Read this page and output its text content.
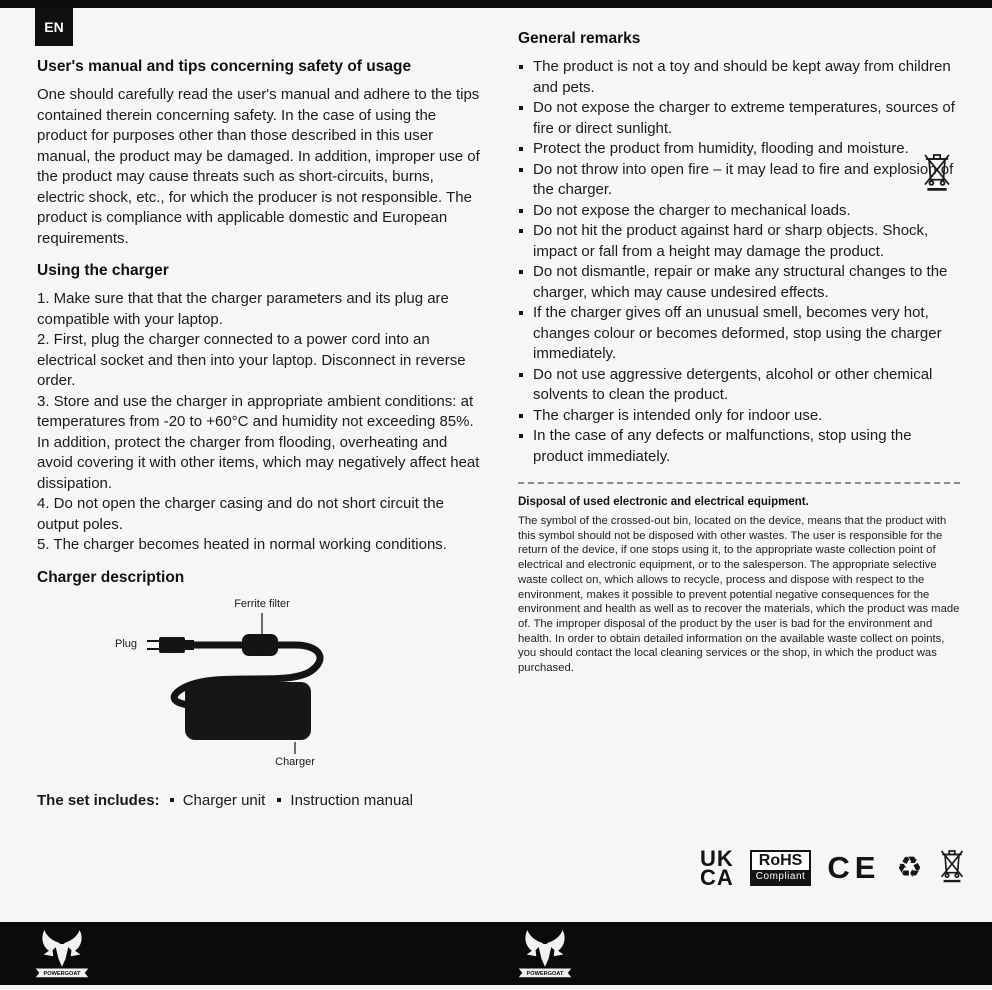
EN
User's manual and tips concerning safety of usage

One should carefully read the user's manual and adhere to the tips contained therein concerning safety. In the case of using the product for purposes other than those described in this user manual, the product may be damaged. In addition, improper use of the product may cause threats such as short-circuits, burns, electric shock, etc., for which the producer is not responsible. The product is compliance with applicable domestic and European requirements.

Using the charger

1. Make sure that that the charger parameters and its plug are compatible with your laptop.

2. First, plug the charger connected to a power cord into an electrical socket and then into your laptop. Disconnect in reverse order.

3. Store and use the charger in appropriate ambient conditions: at temperatures from -20 to +60°C and humidity not exceeding 85%. In addition, protect the charger from flooding, overheating and avoid covering it with other items, which may negatively affect heat dissipation.

4. Do not open the charger casing and do not short circuit the output poles.

5. The charger becomes heated in normal working conditions.

Charger description
Ferrite filter
Plug
Charger
The set includes: Charger unit Instruction manual
General remarks
The product is not a toy and should be kept away from children and pets.
Do not expose the charger to extreme temperatures, sources of fire or direct sunlight.
Protect the product from humidity, flooding and moisture.
Do not throw into open fire – it may lead to fire and explosion of the charger.
Do not expose the charger to mechanical loads.
Do not hit the product against hard or sharp objects. Shock, impact or fall from a height may damage the product.
Do not dismantle, repair or make any structural changes to the charger, which may cause undesired effects.
If the charger gives off an unusual smell, becomes very hot, changes colour or becomes deformed, stop using the charger immediately.
Do not use aggressive detergents, alcohol or other chemical solvents to clean the product.
The charger is intended only for indoor use.
In the case of any defects or malfunctions, stop using the product immediately.
Disposal of used electronic and electrical equipment.

The symbol of the crossed-out bin, located on the device, means that the product with this symbol should not be disposed with other wastes. The user is responsible for the return of the device, if one stops using it, to the appropriate waste collection point of electrical and electronic equipment, or to the salesperson. The appropriate selective waste collect on, which allows to recycle, process and dispose with respect to the environment, makes it possible to prevent potential negative consequences for the environment and health as well as to recover the materials, which the product was made of. The improper disposal of the product by the user is bad for the environment and health. In order to obtain detailed information on the available waste collect on points, you should contact the local cleaning services or the shop, in which the product was purchased.

UK
CA
RoHS
Compliant CE ♻
POWERGOAT	POWERGOAT
